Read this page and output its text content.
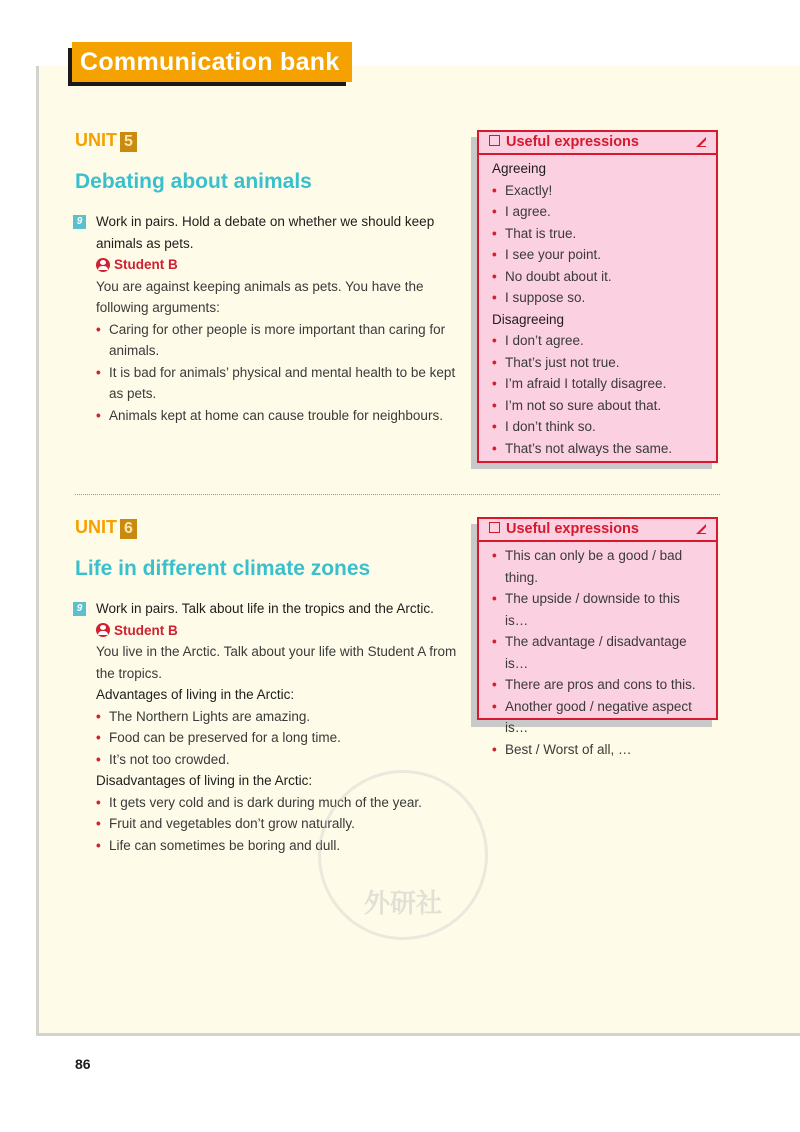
Communication bank
UNIT 5
Debating about animals
9 Work in pairs. Hold a debate on whether we should keep animals as pets.
Student B
You are against keeping animals as pets. You have the following arguments:
• Caring for other people is more important than caring for animals.
• It is bad for animals’ physical and mental health to be kept as pets.
• Animals kept at home can cause trouble for neighbours.
Useful expressions
Agreeing
• Exactly!
• I agree.
• That is true.
• I see your point.
• No doubt about it.
• I suppose so.
Disagreeing
• I don’t agree.
• That’s just not true.
• I’m afraid I totally disagree.
• I’m not so sure about that.
• I don’t think so.
• That’s not always the same.
UNIT 6
Life in different climate zones
9 Work in pairs. Talk about life in the tropics and the Arctic.
Student B
You live in the Arctic. Talk about your life with Student A from the tropics.
Advantages of living in the Arctic:
• The Northern Lights are amazing.
• Food can be preserved for a long time.
• It’s not too crowded.
Disadvantages of living in the Arctic:
• It gets very cold and is dark during much of the year.
• Fruit and vegetables don’t grow naturally.
• Life can sometimes be boring and dull.
Useful expressions
• This can only be a good / bad thing.
• The upside / downside to this is…
• The advantage / disadvantage is…
• There are pros and cons to this.
• Another good / negative aspect is…
• Best / Worst of all, …
外研社
86
